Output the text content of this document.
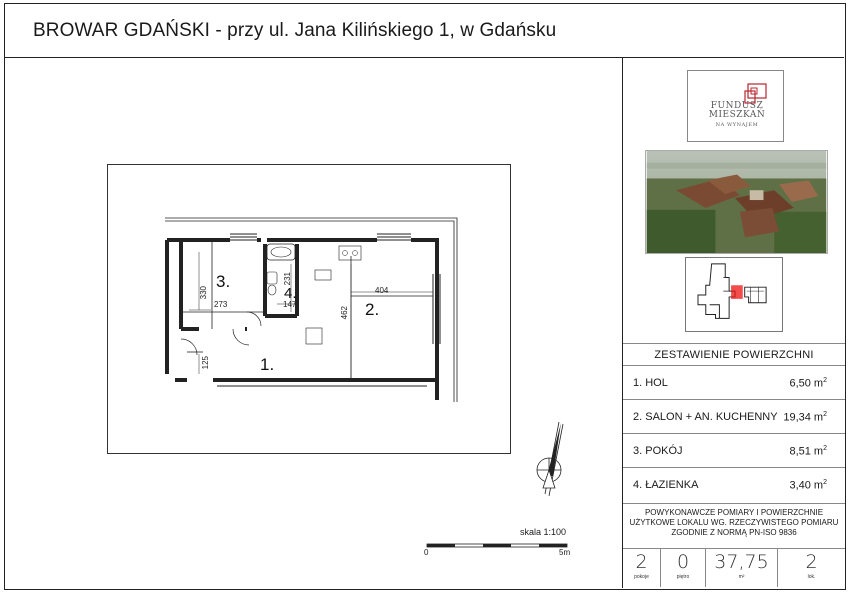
BROWAR GDAŃSKI - przy ul. Jana Kilińskiego 1, w Gdańsku
FUNDUSZ
MIESZKAŃ
NA WYNAJEM
ZESTAWIENIE POWIERZCHNI
1. HOL	6,50 $m^2$
2. SALON + AN. KUCHENNY 19,34 $m^2$
3. POKÓJ	8,51 $m^2$
4. ŁAZIENKA	3,40 $m^2$
POWYKONAWCZE POMIARY I POWIERZCHNIE UŻYTKOWE LOKALU WG. RZECZYWISTEGO POMIARU ZGODNIE Z NORMĄ PN-ISO 9836
2
pokoje
0
piętro
37,75
m²
2
lok.
3.
2.
4.
1.
330
273
404
462
231
147
125
skala 1:100
0	5m
